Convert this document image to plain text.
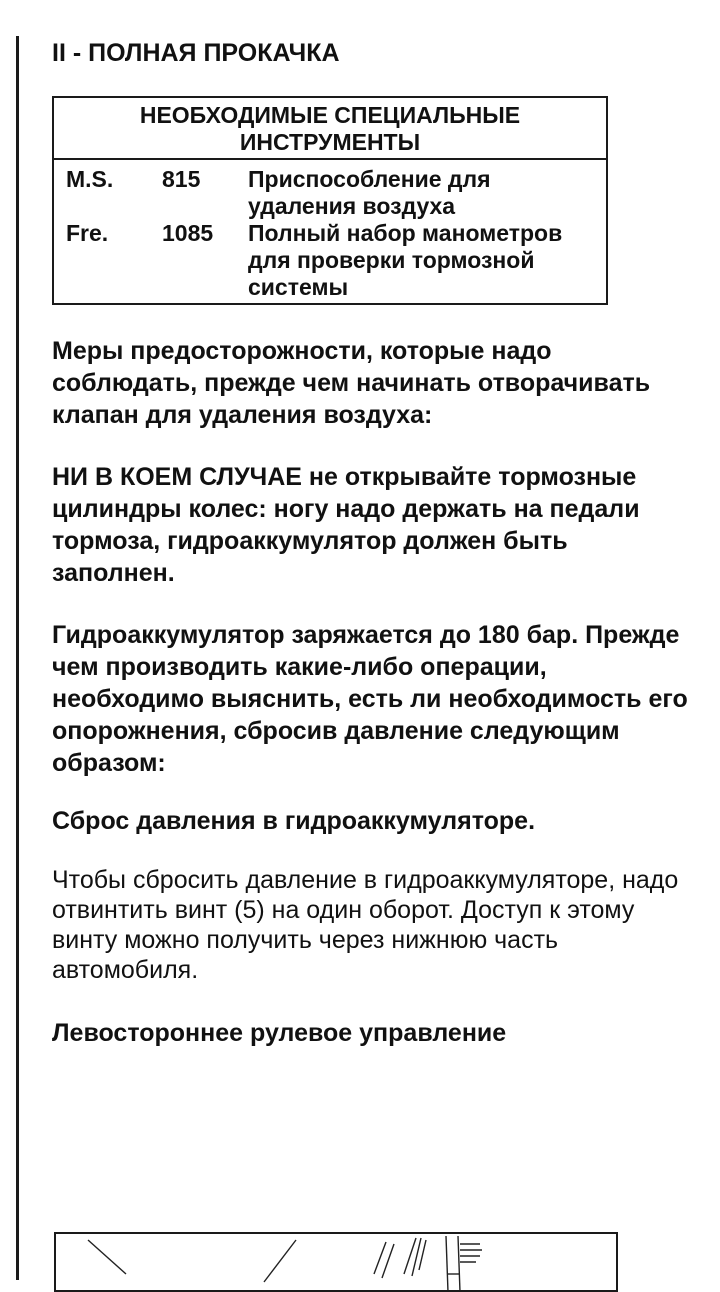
II - ПОЛНАЯ ПРОКАЧКА
НЕОБХОДИМЫЕ СПЕЦИАЛЬНЫЕ ИНСТРУМЕНТЫ		
M.S.	815	Приспособление для удаления воздуха
Fre.	1085	Полный набор манометров для проверки тормозной системы

Меры предосторожности, которые надо соблюдать, прежде чем начинать отворачивать клапан для удаления воздуха:

НИ В КОЕМ СЛУЧАЕ не открывайте тормозные цилиндры колес: ногу надо держать на педали тормоза, гидроаккумулятор должен быть заполнен.

Гидроаккумулятор заряжается до 180 бар. Прежде чем производить какие-либо операции, необходимо выяснить, есть ли необходимость его опорожнения, сбросив давление следующим образом:

Сброс давления в гидроаккумуляторе.

Чтобы сбросить давление в гидроаккумуляторе, надо отвинтить винт (5) на один оборот. Доступ к этому винту можно получить через нижнюю часть автомобиля.

Левостороннее рулевое управление
